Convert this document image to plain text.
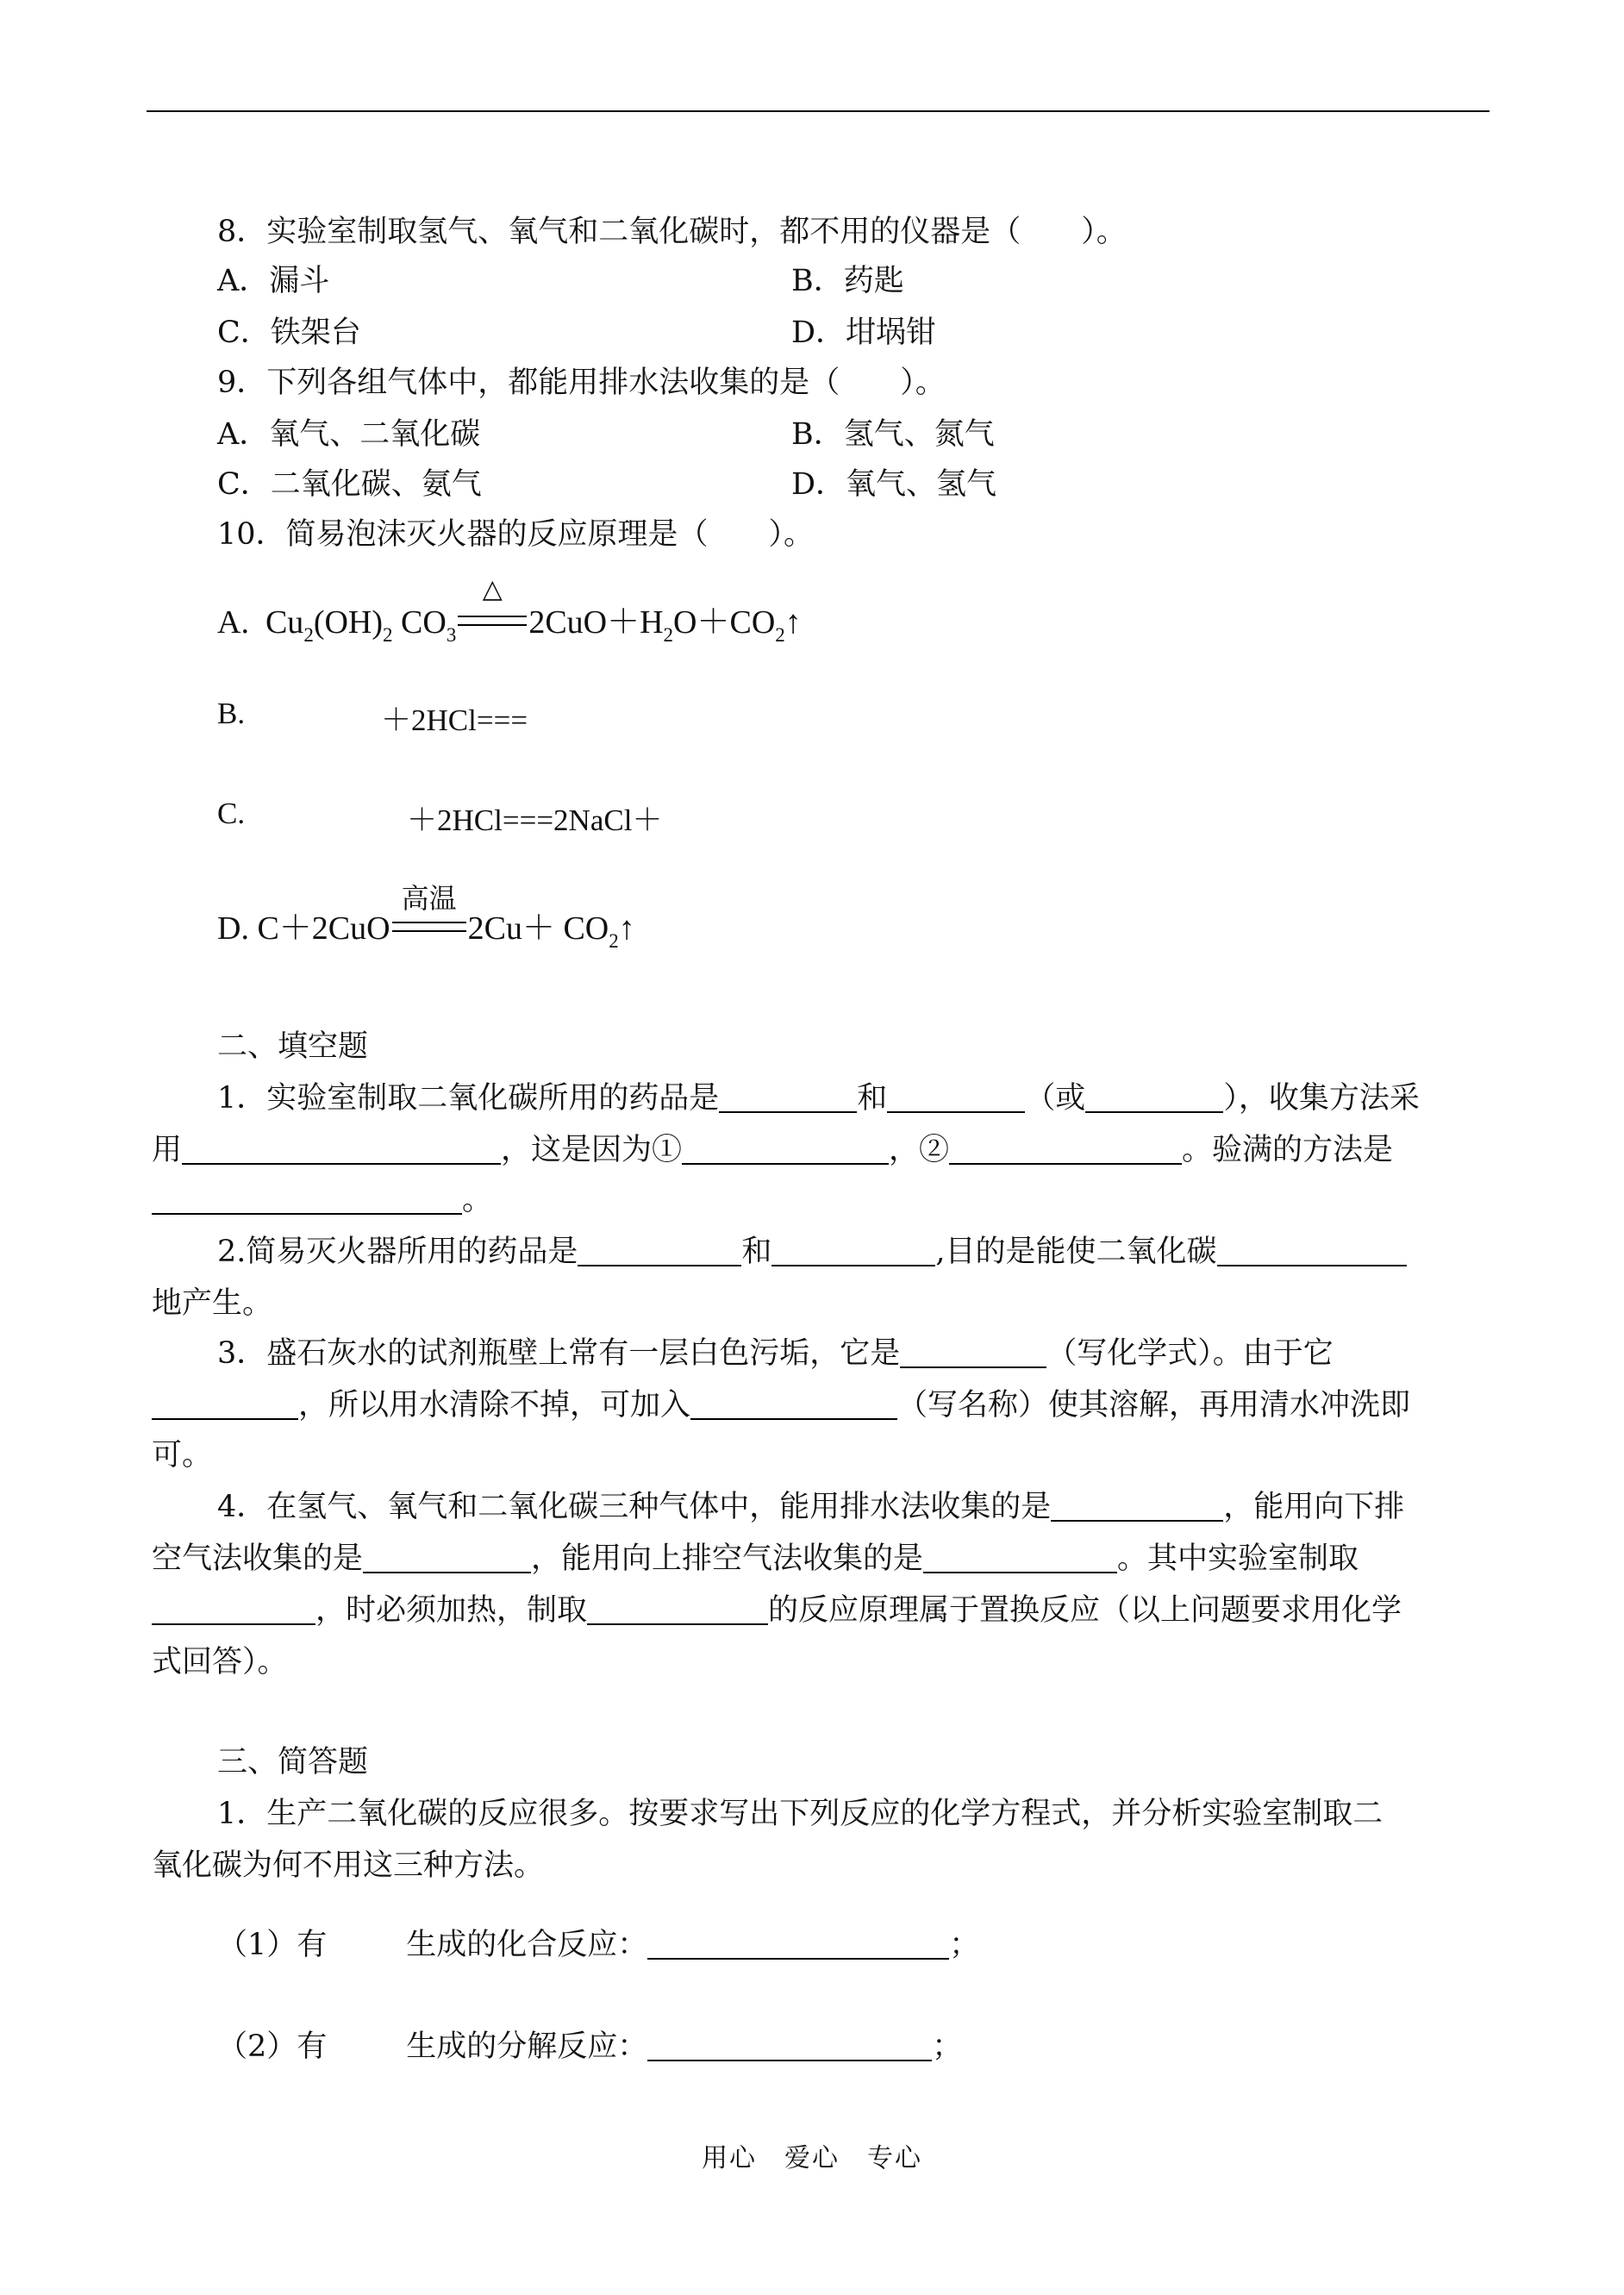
8．实验室制取氢气、氧气和二氧化碳时，都不用的仪器是（　　）。
A．漏斗	B．药匙
C．铁架台	D．坩埚钳
9．下列各组气体中，都能用排水法收集的是（　　）。
A．氧气、二氧化碳	B．氢气、氮气
C．二氧化碳、氨气	D．氧气、氢气
10．简易泡沫灭火器的反应原理是（　　）。
A. $Cu_2(OH)_2$ $CO_3$
△
$2CuO+H_2O+CO_2↑$
B.	＋2HCl===
C.	＋2HCl===2NaCl＋
D. C＋2CuO
高温
$2Cu+ CO_2↑$
二、填空题
1．实验室制取二氧化碳所用的药品是	和	（或	），收集方法采
用	，这是因为①	，②	。验满的方法是
。
2.简易灭火器所用的药品是	和	,目的是能使二氧化碳
地产生。
3．盛石灰水的试剂瓶壁上常有一层白色污垢，它是	（写化学式）。由于它
，所以用水清除不掉，可加入	（写名称）使其溶解，再用清水冲洗即
可。
4．在氢气、氧气和二氧化碳三种气体中，能用排水法收集的是	，能用向下排
空气法收集的是	，能用向上排空气法收集的是	。其中实验室制取
，时必须加热，制取	的反应原理属于置换反应（以上问题要求用化学
式回答）。
三、简答题
1．生产二氧化碳的反应很多。按要求写出下列反应的化学方程式，并分析实验室制取二
氧化碳为何不用这三种方法。
（1）有	生成的化合反应：	；
（2）有	生成的分解反应：	；
用心　爱心　专心
